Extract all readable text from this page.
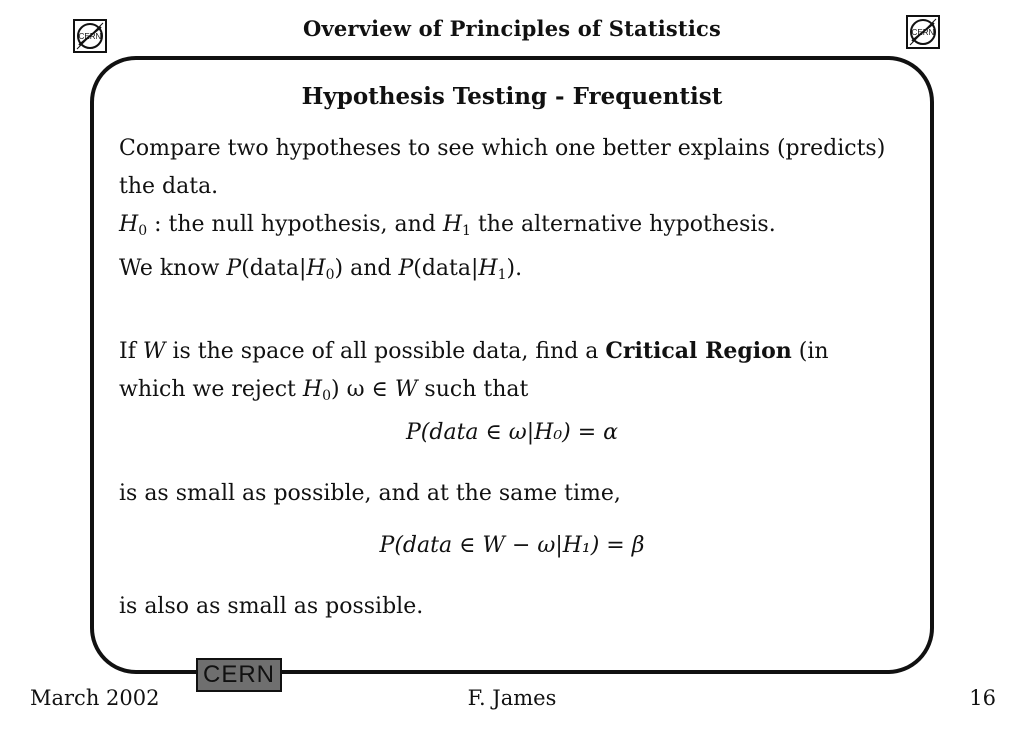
CERN	CERN
Overview of Principles of Statistics
Hypothesis Testing - Frequentist
Compare two hypotheses to see which one better explains (predicts)
the data.
$H_0$ : the null hypothesis, and $H_1$ the alternative hypothesis.
We know $P(data|H_0)$ and $P(data|H_1)$.
If W is the space of all possible data, find a Critical Region (in
which we reject $H_0$) ω ∈ W such that
P(data ∈ ω|H₀) = α
is as small as possible, and at the same time,
P(data ∈ W − ω|H₁) = β
is also as small as possible.
CERN
March 2002	F. James	16
